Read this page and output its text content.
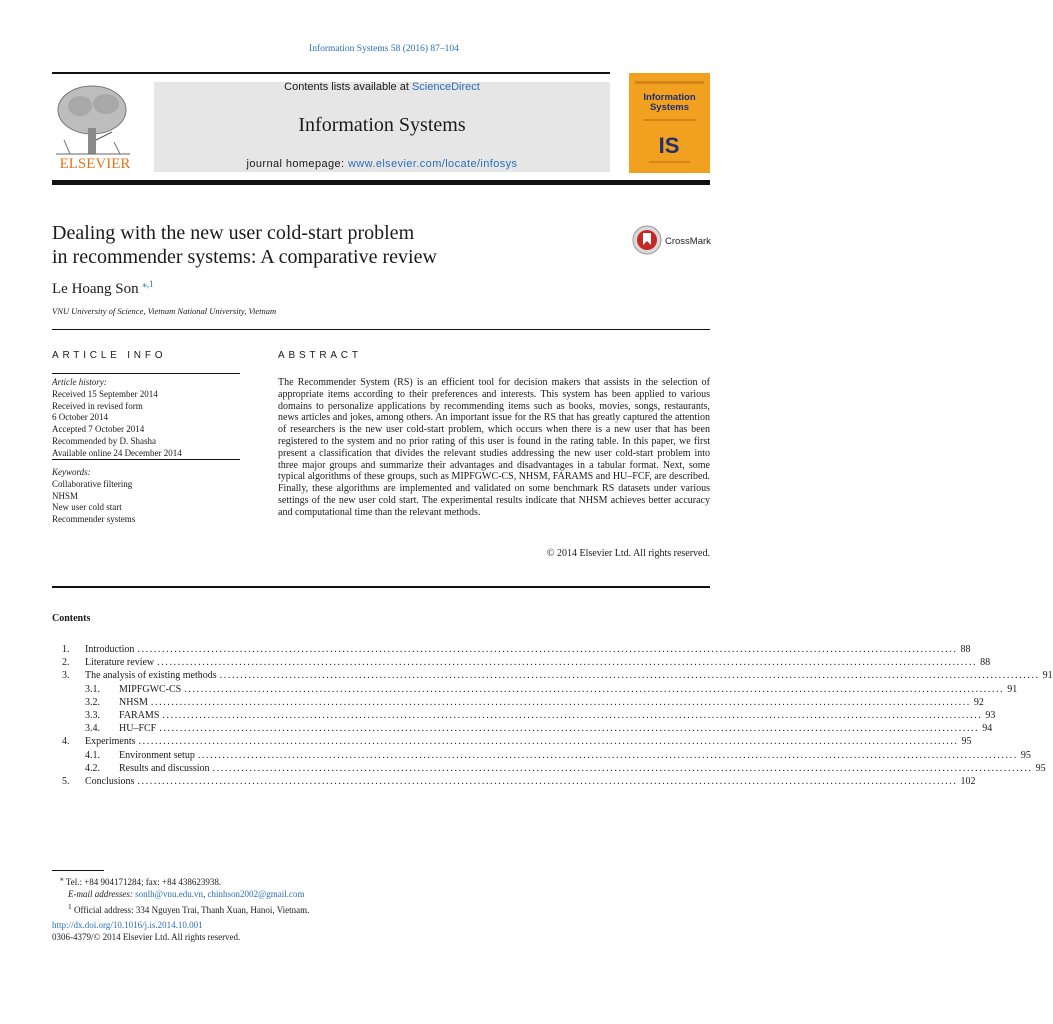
Information Systems 58 (2016) 87–104
ELSEVIER
Contents lists available at ScienceDirect
Information Systems
journal homepage: www.elsevier.com/locate/infosys
Information Systems
IS
Dealing with the new user cold-start problem
in recommender systems: A comparative review
CrossMark
Le Hoang Son $^{⁎,1}$
VNU University of Science, Vietnam National University, Vietnam
ARTICLE INFO
Article history:
Received 15 September 2014
Received in revised form
6 October 2014
Accepted 7 October 2014
Recommended by D. Shasha
Available online 24 December 2014
Keywords:
Collaborative filtering
NHSM
New user cold start
Recommender systems
ABSTRACT
The Recommender System (RS) is an efficient tool for decision makers that assists in the selection of appropriate items according to their preferences and interests. This system has been applied to various domains to personalize applications by recommending items such as books, movies, songs, restaurants, news articles and jokes, among others. An important issue for the RS that has greatly captured the attention of researchers is the new user cold-start problem, which occurs when there is a new user that has been registered to the system and no prior rating of this user is found in the rating table. In this paper, we first present a classification that divides the relevant studies addressing the new user cold-start problem into three major groups and summarize their advantages and disadvantages in a tabular format. Next, some typical algorithms of these groups, such as MIPFGWC-CS, NHSM, FARAMS and HU–FCF, are described. Finally, these algorithms are implemented and validated on some benchmark RS datasets under various settings of the new user cold start. The experimental results indicate that NHSM achieves better accuracy and computational time than the relevant methods.
© 2014 Elsevier Ltd. All rights reserved.
Contents
1.	Introduction ........................................................................................................................................................................................................ 88
2.	Literature review ........................................................................................................................................................................................................ 88
3.	The analysis of existing methods ........................................................................................................................................................................................................ 91
3.1.	MIPFGWC-CS ........................................................................................................................................................................................................ 91
3.2.	NHSM ........................................................................................................................................................................................................ 92
3.3.	FARAMS ........................................................................................................................................................................................................ 93
3.4.	HU–FCF ........................................................................................................................................................................................................ 94
4.	Experiments ........................................................................................................................................................................................................ 95
4.1.	Environment setup ........................................................................................................................................................................................................ 95
4.2.	Results and discussion ........................................................................................................................................................................................................ 95
5.	Conclusions ........................................................................................................................................................................................................ 102
⁎ Tel.: +84 904171284; fax: +84 438623938.
E-mail addresses: sonlh@vnu.edu.vn, chinhson2002@gmail.com
$^1$ Official address: 334 Nguyen Trai, Thanh Xuan, Hanoi, Vietnam.
http://dx.doi.org/10.1016/j.is.2014.10.001
0306-4379/© 2014 Elsevier Ltd. All rights reserved.
